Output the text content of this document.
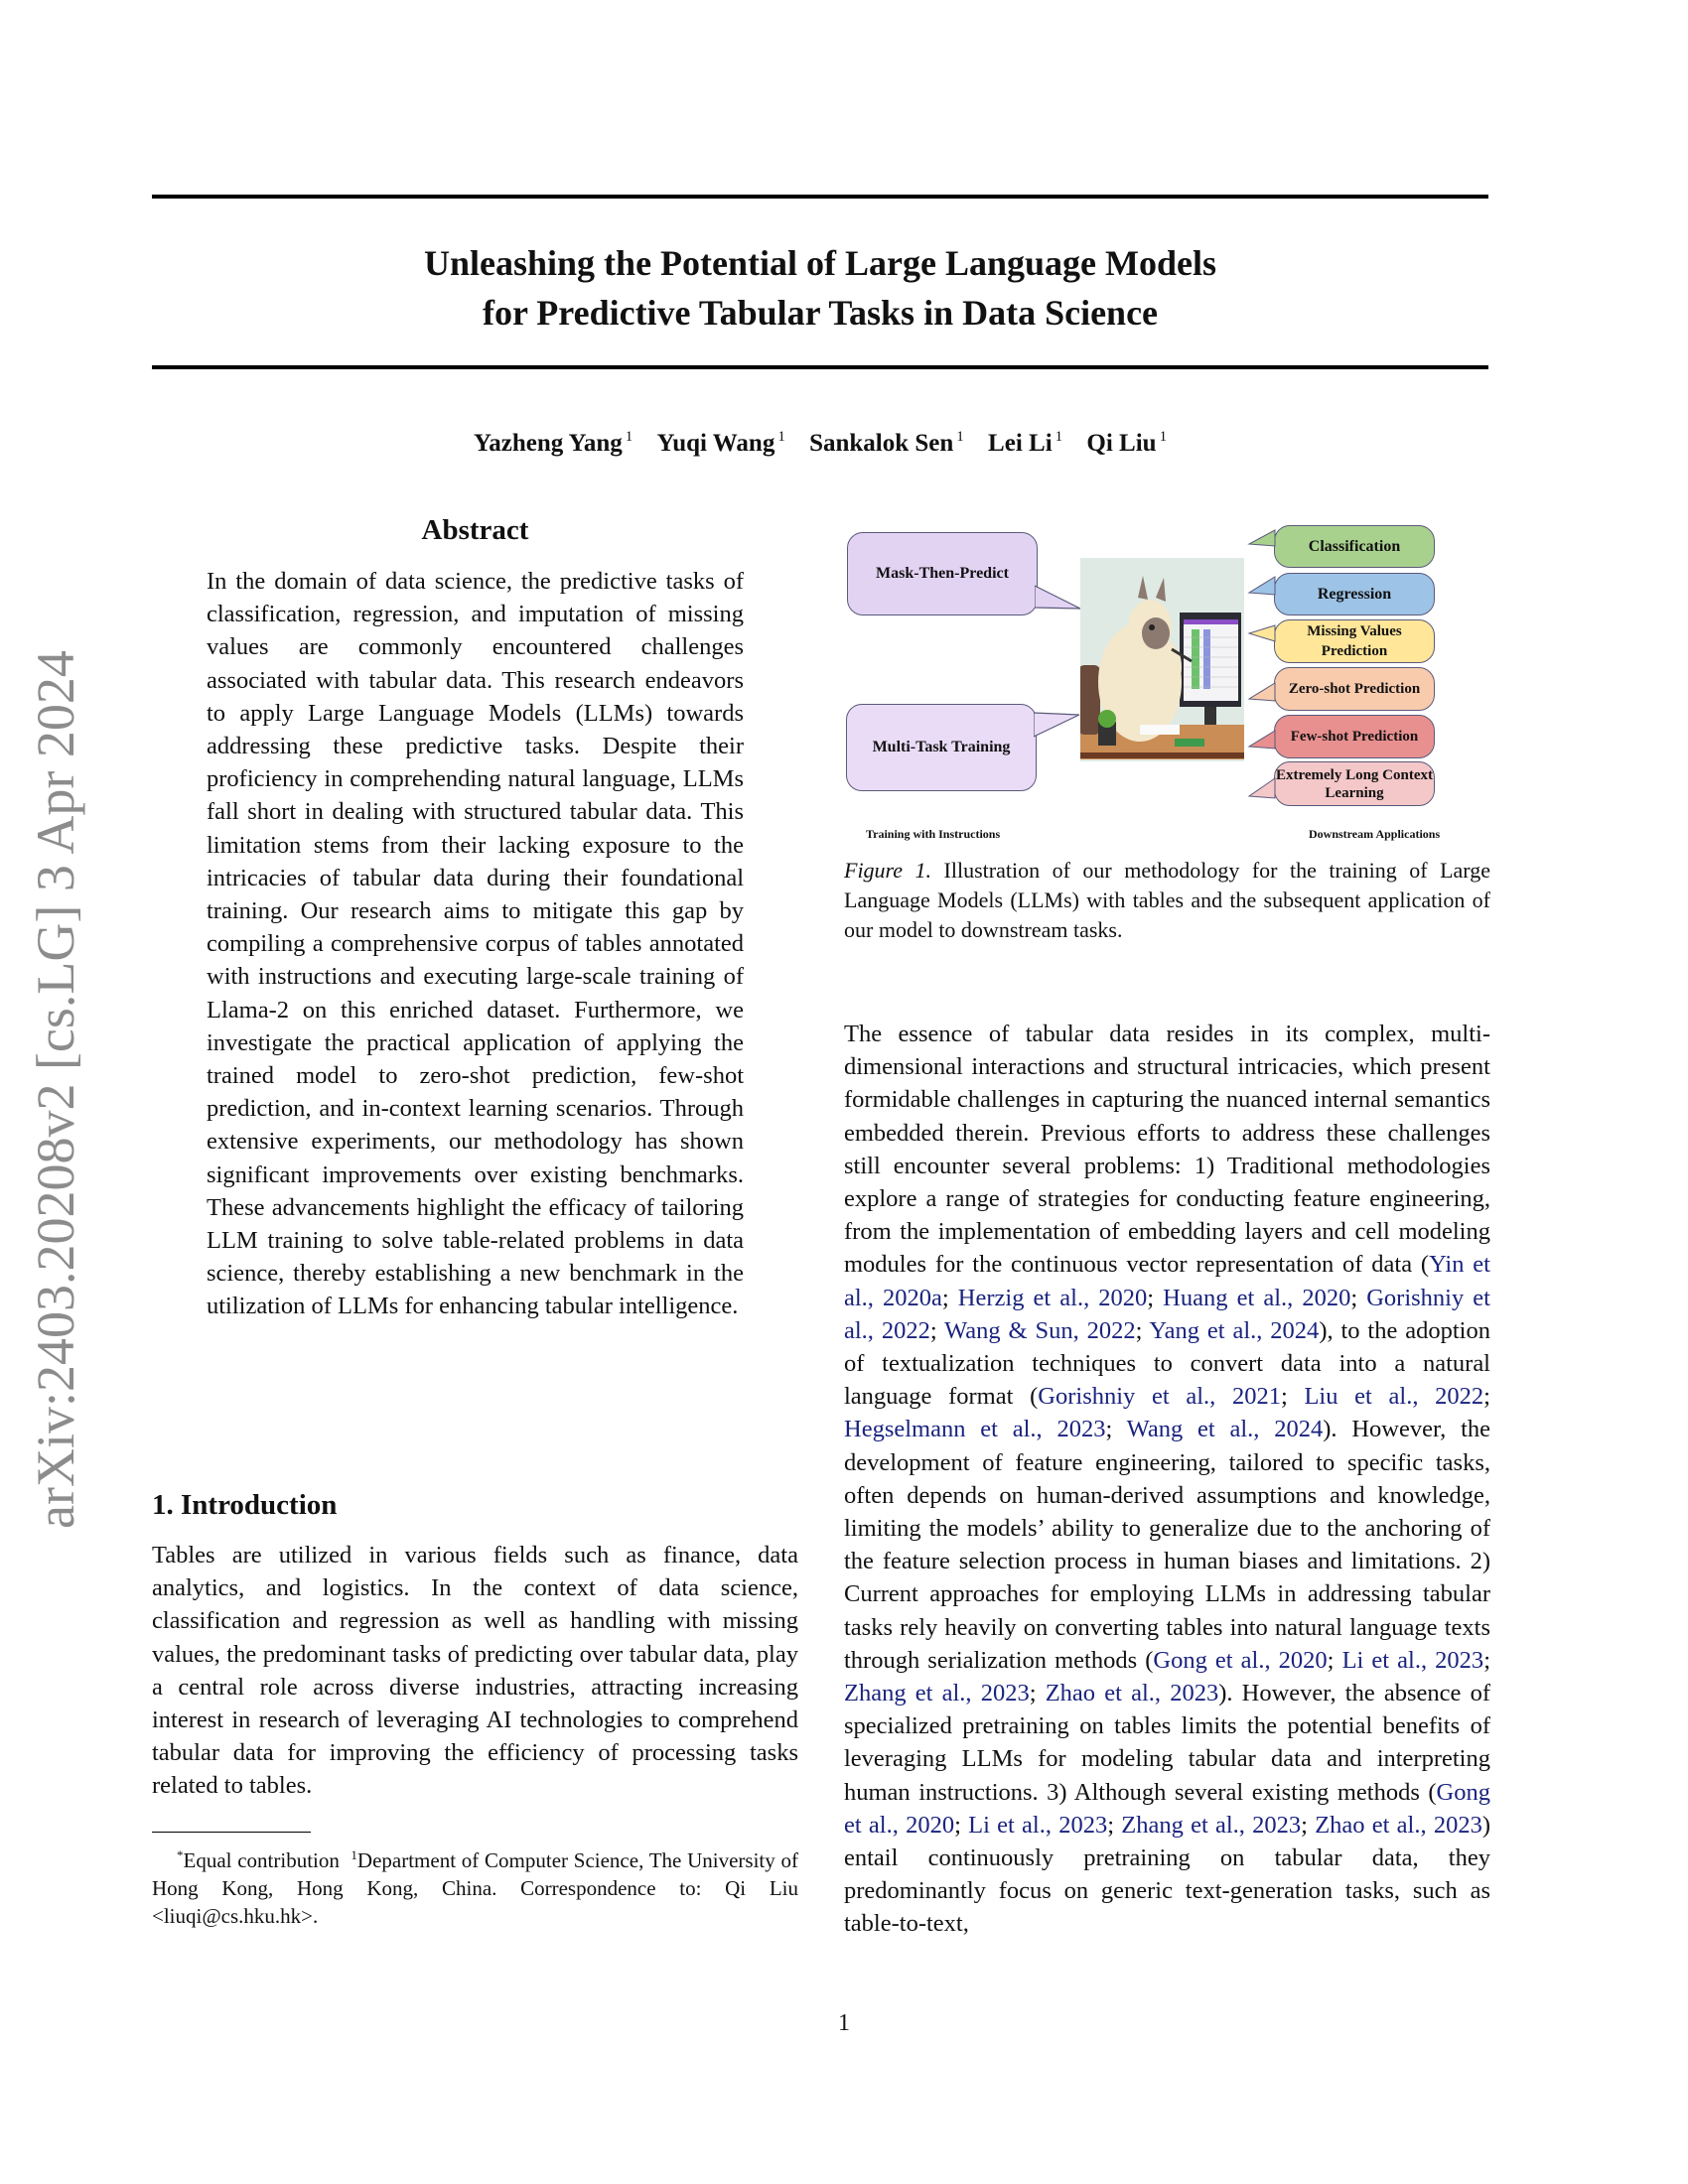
arXiv:2403.20208v2 [cs.LG] 3 Apr 2024
Unleashing the Potential of Large Language Models
for Predictive Tabular Tasks in Data Science
Yazheng Yang $^1$ Yuqi Wang $^1$ Sankalok Sen $^1$ Lei Li $^1$ Qi Liu $^1$
Abstract
In the domain of data science, the predictive tasks of classification, regression, and imputation of missing values are commonly encountered challenges associated with tabular data. This research endeavors to apply Large Language Models (LLMs) towards addressing these predictive tasks. Despite their proficiency in comprehending natural language, LLMs fall short in dealing with structured tabular data. This limitation stems from their lacking exposure to the intricacies of tabular data during their foundational training. Our research aims to mitigate this gap by compiling a comprehensive corpus of tables annotated with instructions and executing large-scale training of Llama-2 on this enriched dataset. Furthermore, we investigate the practical application of applying the trained model to zero-shot prediction, few-shot prediction, and in-context learning scenarios. Through extensive experiments, our methodology has shown significant improvements over existing benchmarks. These advancements highlight the efficacy of tailoring LLM training to solve table-related problems in data science, thereby establishing a new benchmark in the utilization of LLMs for enhancing tabular intelligence.
1. Introduction
Tables are utilized in various fields such as finance, data analytics, and logistics. In the context of data science, classification and regression as well as handling with missing values, the predominant tasks of predicting over tabular data, play a central role across diverse industries, attracting increasing interest in research of leveraging AI technologies to comprehend tabular data for improving the efficiency of processing tasks related to tables.
*Equal contribution $^1$Department of Computer Science, The University of Hong Kong, Hong Kong, China. Correspondence to: Qi Liu <liuqi@cs.hku.hk>.
Mask-Then-Predict
Multi-Task Training
Classification
Regression
Missing Values Prediction
Zero-shot Prediction
Few-shot Prediction
Extremely Long Context Learning
Training with Instructions	Downstream Applications
Figure 1. Illustration of our methodology for the training of Large Language Models (LLMs) with tables and the subsequent application of our model to downstream tasks.
The essence of tabular data resides in its complex, multi-dimensional interactions and structural intricacies, which present formidable challenges in capturing the nuanced internal semantics embedded therein. Previous efforts to address these challenges still encounter several problems: 1) Traditional methodologies explore a range of strategies for conducting feature engineering, from the implementation of embedding layers and cell modeling modules for the continuous vector representation of data (Yin et al., 2020a; Herzig et al., 2020; Huang et al., 2020; Gorishniy et al., 2022; Wang & Sun, 2022; Yang et al., 2024), to the adoption of textualization techniques to convert data into a natural language format (Gorishniy et al., 2021; Liu et al., 2022; Hegselmann et al., 2023; Wang et al., 2024). However, the development of feature engineering, tailored to specific tasks, often depends on human-derived assumptions and knowledge, limiting the models’ ability to generalize due to the anchoring of the feature selection process in human biases and limitations. 2) Current approaches for employing LLMs in addressing tabular tasks rely heavily on converting tables into natural language texts through serialization methods (Gong et al., 2020; Li et al., 2023; Zhang et al., 2023; Zhao et al., 2023). However, the absence of specialized pretraining on tables limits the potential benefits of leveraging LLMs for modeling tabular data and interpreting human instructions. 3) Although several existing methods (Gong et al., 2020; Li et al., 2023; Zhang et al., 2023; Zhao et al., 2023) entail continuously pretraining on tabular data, they predominantly focus on generic text-generation tasks, such as table-to-text,
1
